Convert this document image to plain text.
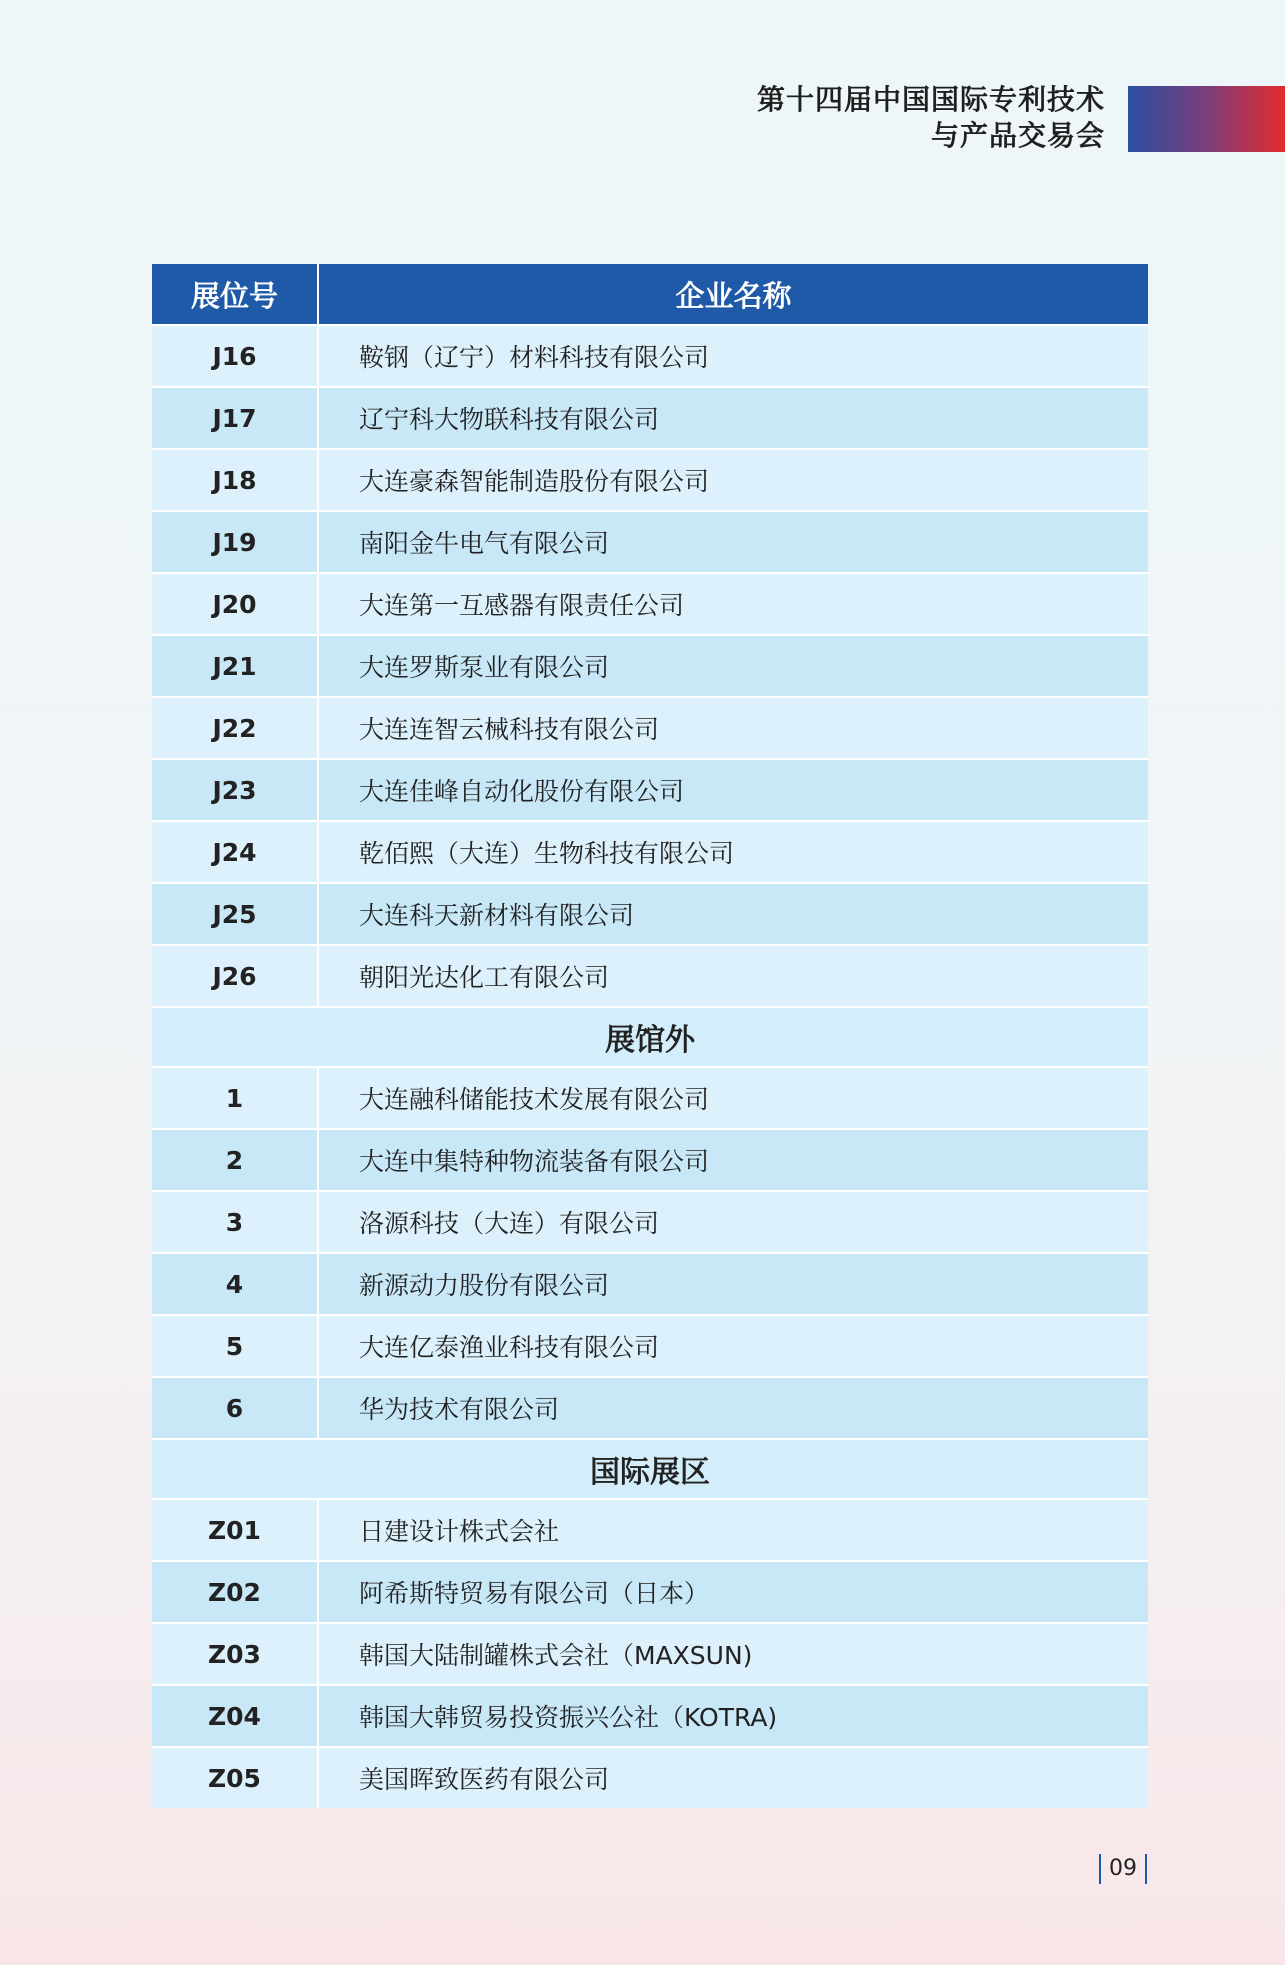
第十四届中国国际专利技术
与产品交易会
展位号	企业名称
J16	鞍钢（辽宁）材料科技有限公司
J17	辽宁科大物联科技有限公司
J18	大连豪森智能制造股份有限公司
J19	南阳金牛电气有限公司
J20	大连第一互感器有限责任公司
J21	大连罗斯泵业有限公司
J22	大连连智云械科技有限公司
J23	大连佳峰自动化股份有限公司
J24	乾佰熙（大连）生物科技有限公司
J25	大连科天新材料有限公司
J26	朝阳光达化工有限公司
展馆外	
1	大连融科储能技术发展有限公司
2	大连中集特种物流装备有限公司
3	洛源科技（大连）有限公司
4	新源动力股份有限公司
5	大连亿泰渔业科技有限公司
6	华为技术有限公司
国际展区	
Z01	日建设计株式会社
Z02	阿希斯特贸易有限公司（日本）
Z03	韩国大陆制罐株式会社（MAXSUN)
Z04	韩国大韩贸易投资振兴公社（KOTRA)
Z05	美国晖致医药有限公司
09
